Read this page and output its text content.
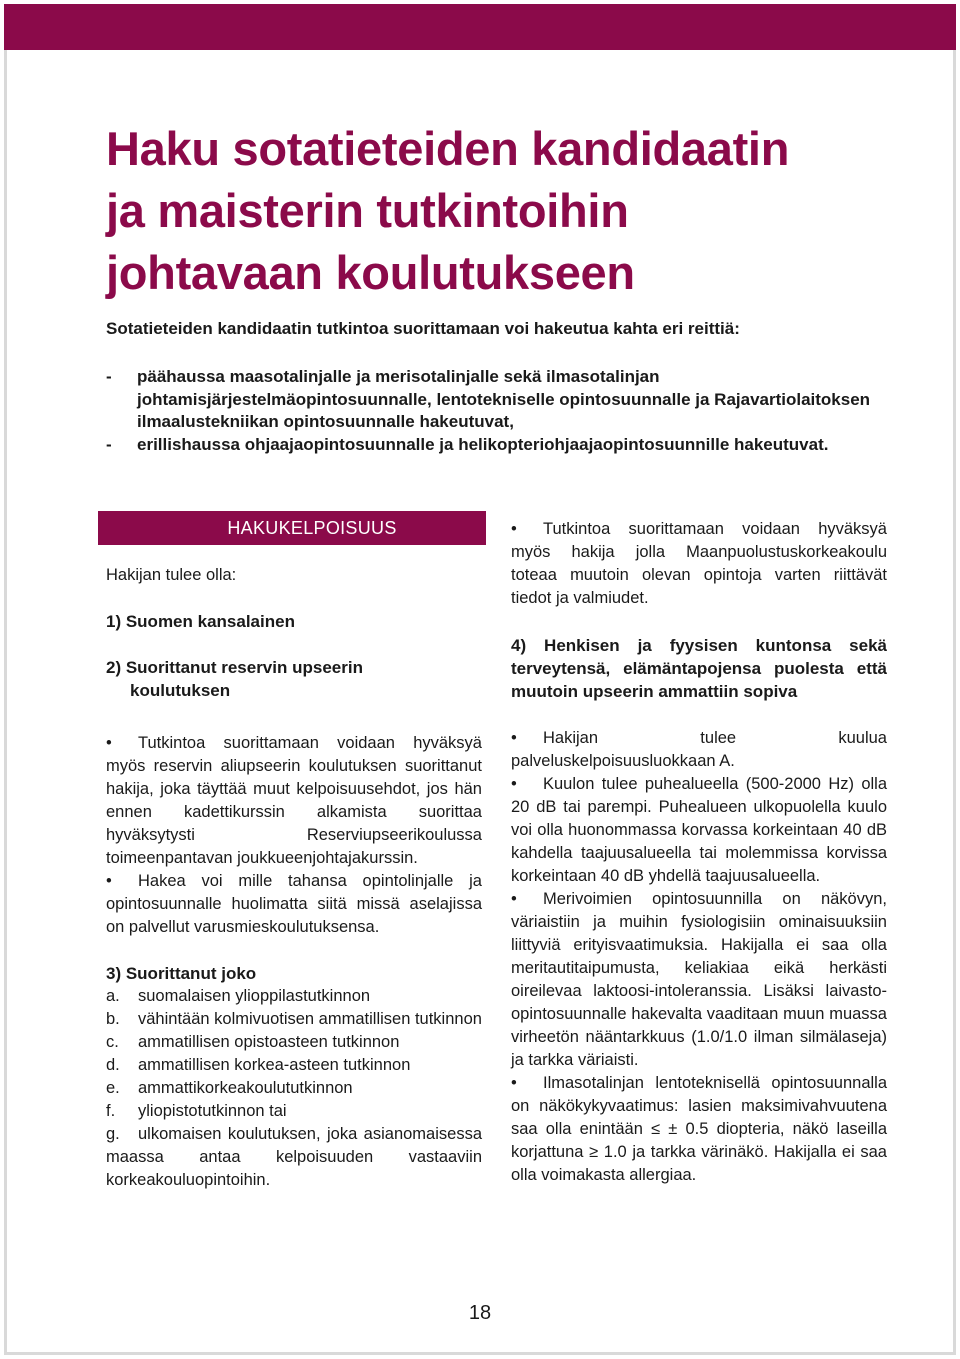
Haku sotatieteiden kandidaatin
ja maisterin tutkintoihin
johtavaan koulutukseen

Sotatieteiden kandidaatin tutkintoa suorittamaan voi hakeutua kahta eri reittiä:

- päähaussa maasotalinjalle ja merisotalinjalle sekä ilmasotalinjan johtamisjärjestelmäopintosuunnalle, lentotekniselle opintosuunnalle ja Rajavartiolaitoksen ilmaalustekniikan opintosuunnalle hakeutuvat,
- erillishaussa ohjaajaopintosuunnalle ja helikopteriohjaajaopintosuunnille hakeutuvat.
HAKUKELPOISUUS

Hakijan tulee olla:

1) Suomen kansalainen

2) Suorittanut reservin upseerin

koulutuksen

• Tutkintoa suorittamaan voidaan hyväksyä myös reservin aliupseerin koulutuksen suorittanut hakija, joka täyttää muut kelpoisuusehdot, jos hän ennen kadettikurssin alkamista suorittaa hyväksytysti Reserviupseerikoulussa toimeenpantavan joukkueenjohtajakurssin.

• Hakea voi mille tahansa opintolinjalle ja opintosuunnalle huolimatta siitä missä aselajissa on palvellut varusmieskoulutuksensa.

3) Suorittanut joko

a. suomalaisen ylioppilastutkinnon

b. vähintään kolmivuotisen ammatillisen tutkinnon

c. ammatillisen opistoasteen tutkinnon

d. ammatillisen korkea-asteen tutkinnon

e. ammattikorkeakoulututkinnon

f. yliopistotutkinnon tai

g. ulkomaisen koulutuksen, joka asianomaisessa maassa antaa kelpoisuuden vastaaviin korkeakouluopintoihin.

• Tutkintoa suorittamaan voidaan hyväksyä myös hakija jolla Maanpuolustuskorkeakoulu toteaa muutoin olevan opintoja varten riittävät tiedot ja valmiudet.

4) Henkisen ja fyysisen kuntonsa sekä terveytensä, elämäntapojensa puolesta että muutoin upseerin ammattiin sopiva

• Hakijan tulee kuulua palveluskelpoisuusluokkaan A.

• Kuulon tulee puhealueella (500-2000 Hz) olla 20 dB tai parempi. Puhealueen ulkopuolella kuulo voi olla huonommassa korvassa korkeintaan 40 dB kahdella taajuusalueella tai molemmissa korvissa korkeintaan 40 dB yhdellä taajuusalueella.

• Merivoimien opintosuunnilla on näkövyn, väriaistiin ja muihin fysiologisiin ominaisuuksiin liittyviä erityisvaatimuksia. Hakijalla ei saa olla meritautitaipumusta, keliakiaa eikä herkästi oireilevaa laktoosi-intoleranssia. Lisäksi laivasto-opintosuunnalle hakevalta vaaditaan muun muassa virheetön nääntarkkuus (1.0/1.0 ilman silmälaseja) ja tarkka väriaisti.

• Ilmasotalinjan lentoteknisellä opintosuunnalla on näkökykyvaatimus: lasien maksimivahvuutena saa olla enintään ≤ ± 0.5 diopteria, näkö laseilla korjattuna ≥ 1.0 ja tarkka värinäkö. Hakijalla ei saa olla voimakasta allergiaa.

18
